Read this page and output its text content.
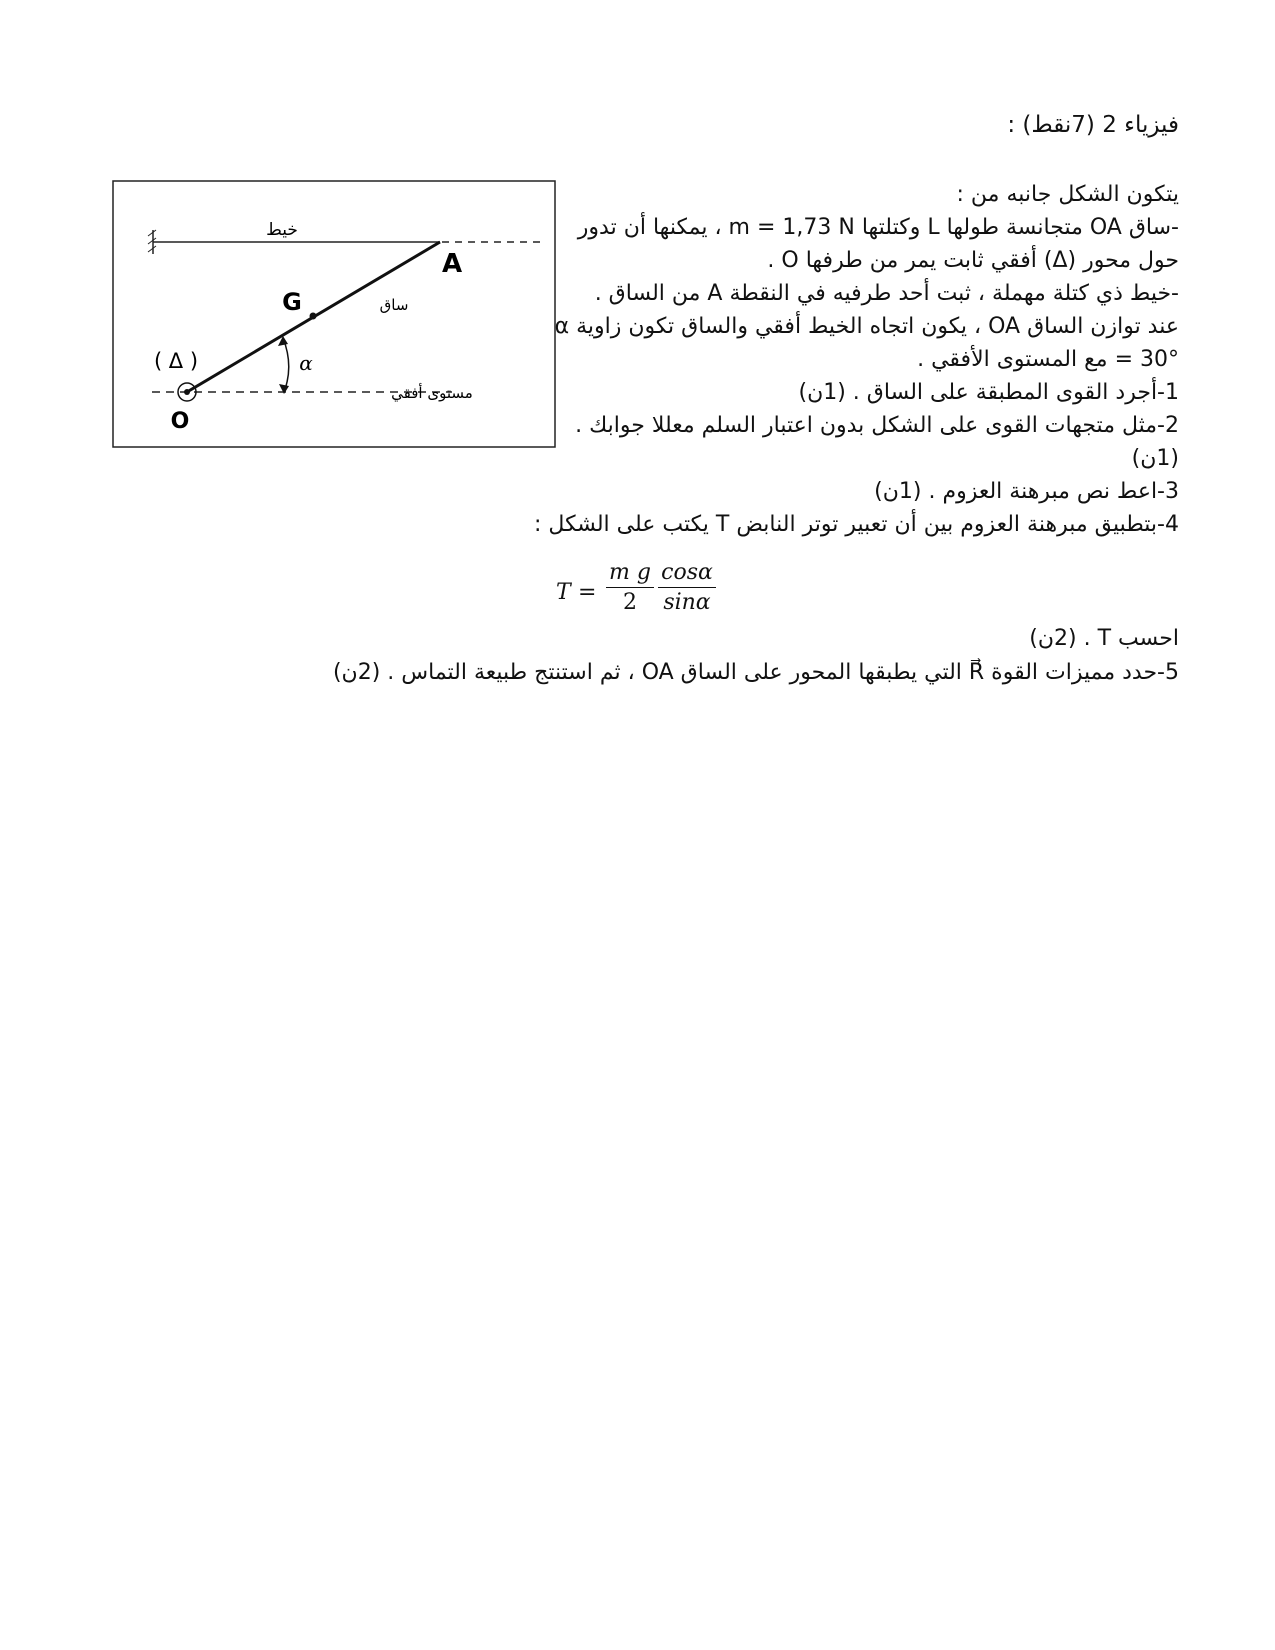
فيزياء 2 (7نقط) :

يتكون الشكل جانبه من :

-ساق OA متجانسة طولها L وكتلتها m = 1,73 N ، يمكنها أن تدور حول محور (Δ) أفقي ثابت يمر من طرفها O .

-خيط ذي كتلة مهملة ، ثبت أحد طرفيه في النقطة A من الساق .

عند توازن الساق OA ، يكون اتجاه الخيط أفقي والساق تكون زاوية α = 30° مع المستوى الأفقي .

1-أجرد القوى المطبقة على الساق . (1ن)

2-مثل متجهات القوى على الشكل بدون اعتبار السلم معللا جوابك . (1ن)

3-اعط نص مبرهنة العزوم . (1ن)

4-بتطبيق مبرهنة العزوم بين أن تعبير توتر النابض T يكتب على الشكل :
T =
m g
2
cosα
sinα
احسب T . (2ن)
5-حدد مميزات القوة R⃗ التي يطبقها المحور على الساق OA ، ثم استنتج طبيعة التماس . (2ن)
خيط
مستوى أفقي
ساق
G
A
O
( Δ )	α
